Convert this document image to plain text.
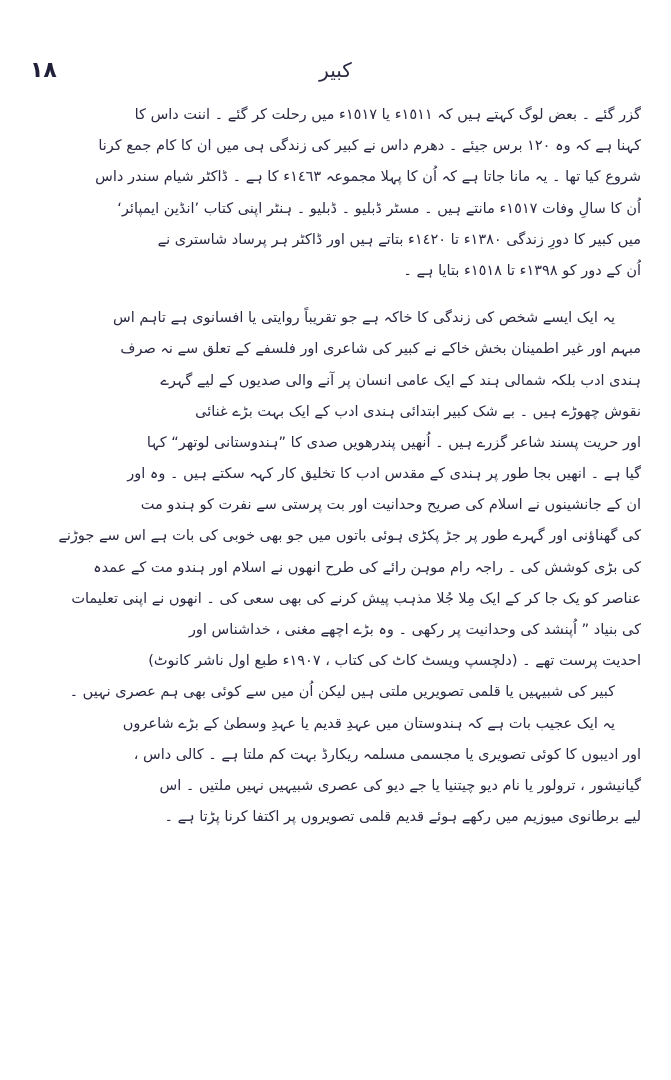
١٨	کبیر
گزر گئے ۔ بعض لوگ کہتے ہیں کہ ١٥١١ء یا ١٥١٧ء میں رحلت کر گئے ۔ اننت داس کا
کہنا ہے کہ وہ ١٢٠ برس جیئے ۔ دھرم داس نے کبیر کی زندگی ہی میں ان کا کام جمع کرنا
شروع کیا تھا ۔ یہ مانا جاتا ہے کہ اُن کا پہلا مجموعہ ١٤٦٣ء کا ہے ۔ ڈاکٹر شیام سندر داس
اُن کا سالِ وفات ١٥١٧ء مانتے ہیں ۔ مسٹر ڈبلیو ۔ ڈبلیو ۔ ہنٹر اپنی کتاب ’انڈین ایمپائر‘
میں کبیر کا دورِ زندگی ١٣٨٠ء تا ١٤٢٠ء بتاتے ہیں اور ڈاکٹر ہر پرساد شاستری نے
اُن کے دور کو ١٣٩٨ء تا ١٥١٨ء بتایا ہے ۔
یہ ایک ایسے شخص کی زندگی کا خاکہ ہے جو تقریباً روایتی یا افسانوی ہے تاہم اس
مبہم اور غیر اطمینان بخش خاکے نے کبیر کی شاعری اور فلسفے کے تعلق سے نہ صرف
ہندی ادب بلکہ شمالی ہند کے ایک عامی انسان پر آنے والی صدیوں کے لیے گہرے
نقوش چھوڑے ہیں ۔ بے شک کبیر ابتدائی ہندی ادب کے ایک بہت بڑے غنائی
اور حریت پسند شاعر گزرے ہیں ۔ اُنھیں پندرھویں صدی کا ”ہندوستانی لوتھر“ کہا
گیا ہے ۔ انھیں بجا طور پر ہندی کے مقدس ادب کا تخلیق کار کہہ سکتے ہیں ۔ وہ اور
ان کے جانشینوں نے اسلام کی صریح وحدانیت اور بت پرستی سے نفرت کو ہندو مت
کی گھناؤنی اور گہرے طور پر جڑ پکڑی ہوئی باتوں میں جو بھی خوبی کی بات ہے اس سے جوڑنے
کی بڑی کوشش کی ۔ راجہ رام موہن رائے کی طرح انھوں نے اسلام اور ہندو مت کے عمدہ
عناصر کو یک جا کر کے ایک مِلا جُلا مذہب پیش کرنے کی بھی سعی کی ۔ انھوں نے اپنی تعلیمات
کی بنیاد ” اُپنشد کی وحدانیت پر رکھی ۔ وہ بڑے اچھے مغنی ، خداشناس اور
احدیت پرست تھے ۔ (دلچسپ ویسٹ کاٹ کی کتاب ، ١٩٠٧ء طبع اول ناشر کانوٹ)
کبیر کی شبیہیں یا قلمی تصویریں ملتی ہیں لیکن اُن میں سے کوئی بھی ہم عصری نہیں ۔
یہ ایک عجیب بات ہے کہ ہندوستان میں عہدِ قدیم یا عہدِ وسطیٰ کے بڑے شاعروں
اور ادیبوں کا کوئی تصویری یا مجسمی مسلمہ ریکارڈ بہت کم ملتا ہے ۔ کالی داس ،
گیانیشور ، ترولور یا نام دیو چیتنیا یا جے دیو کی عصری شبیہیں نہیں ملتیں ۔ اس
لیے برطانوی میوزیم میں رکھے ہوئے قدیم قلمی تصویروں پر اکتفا کرنا پڑتا ہے ۔
